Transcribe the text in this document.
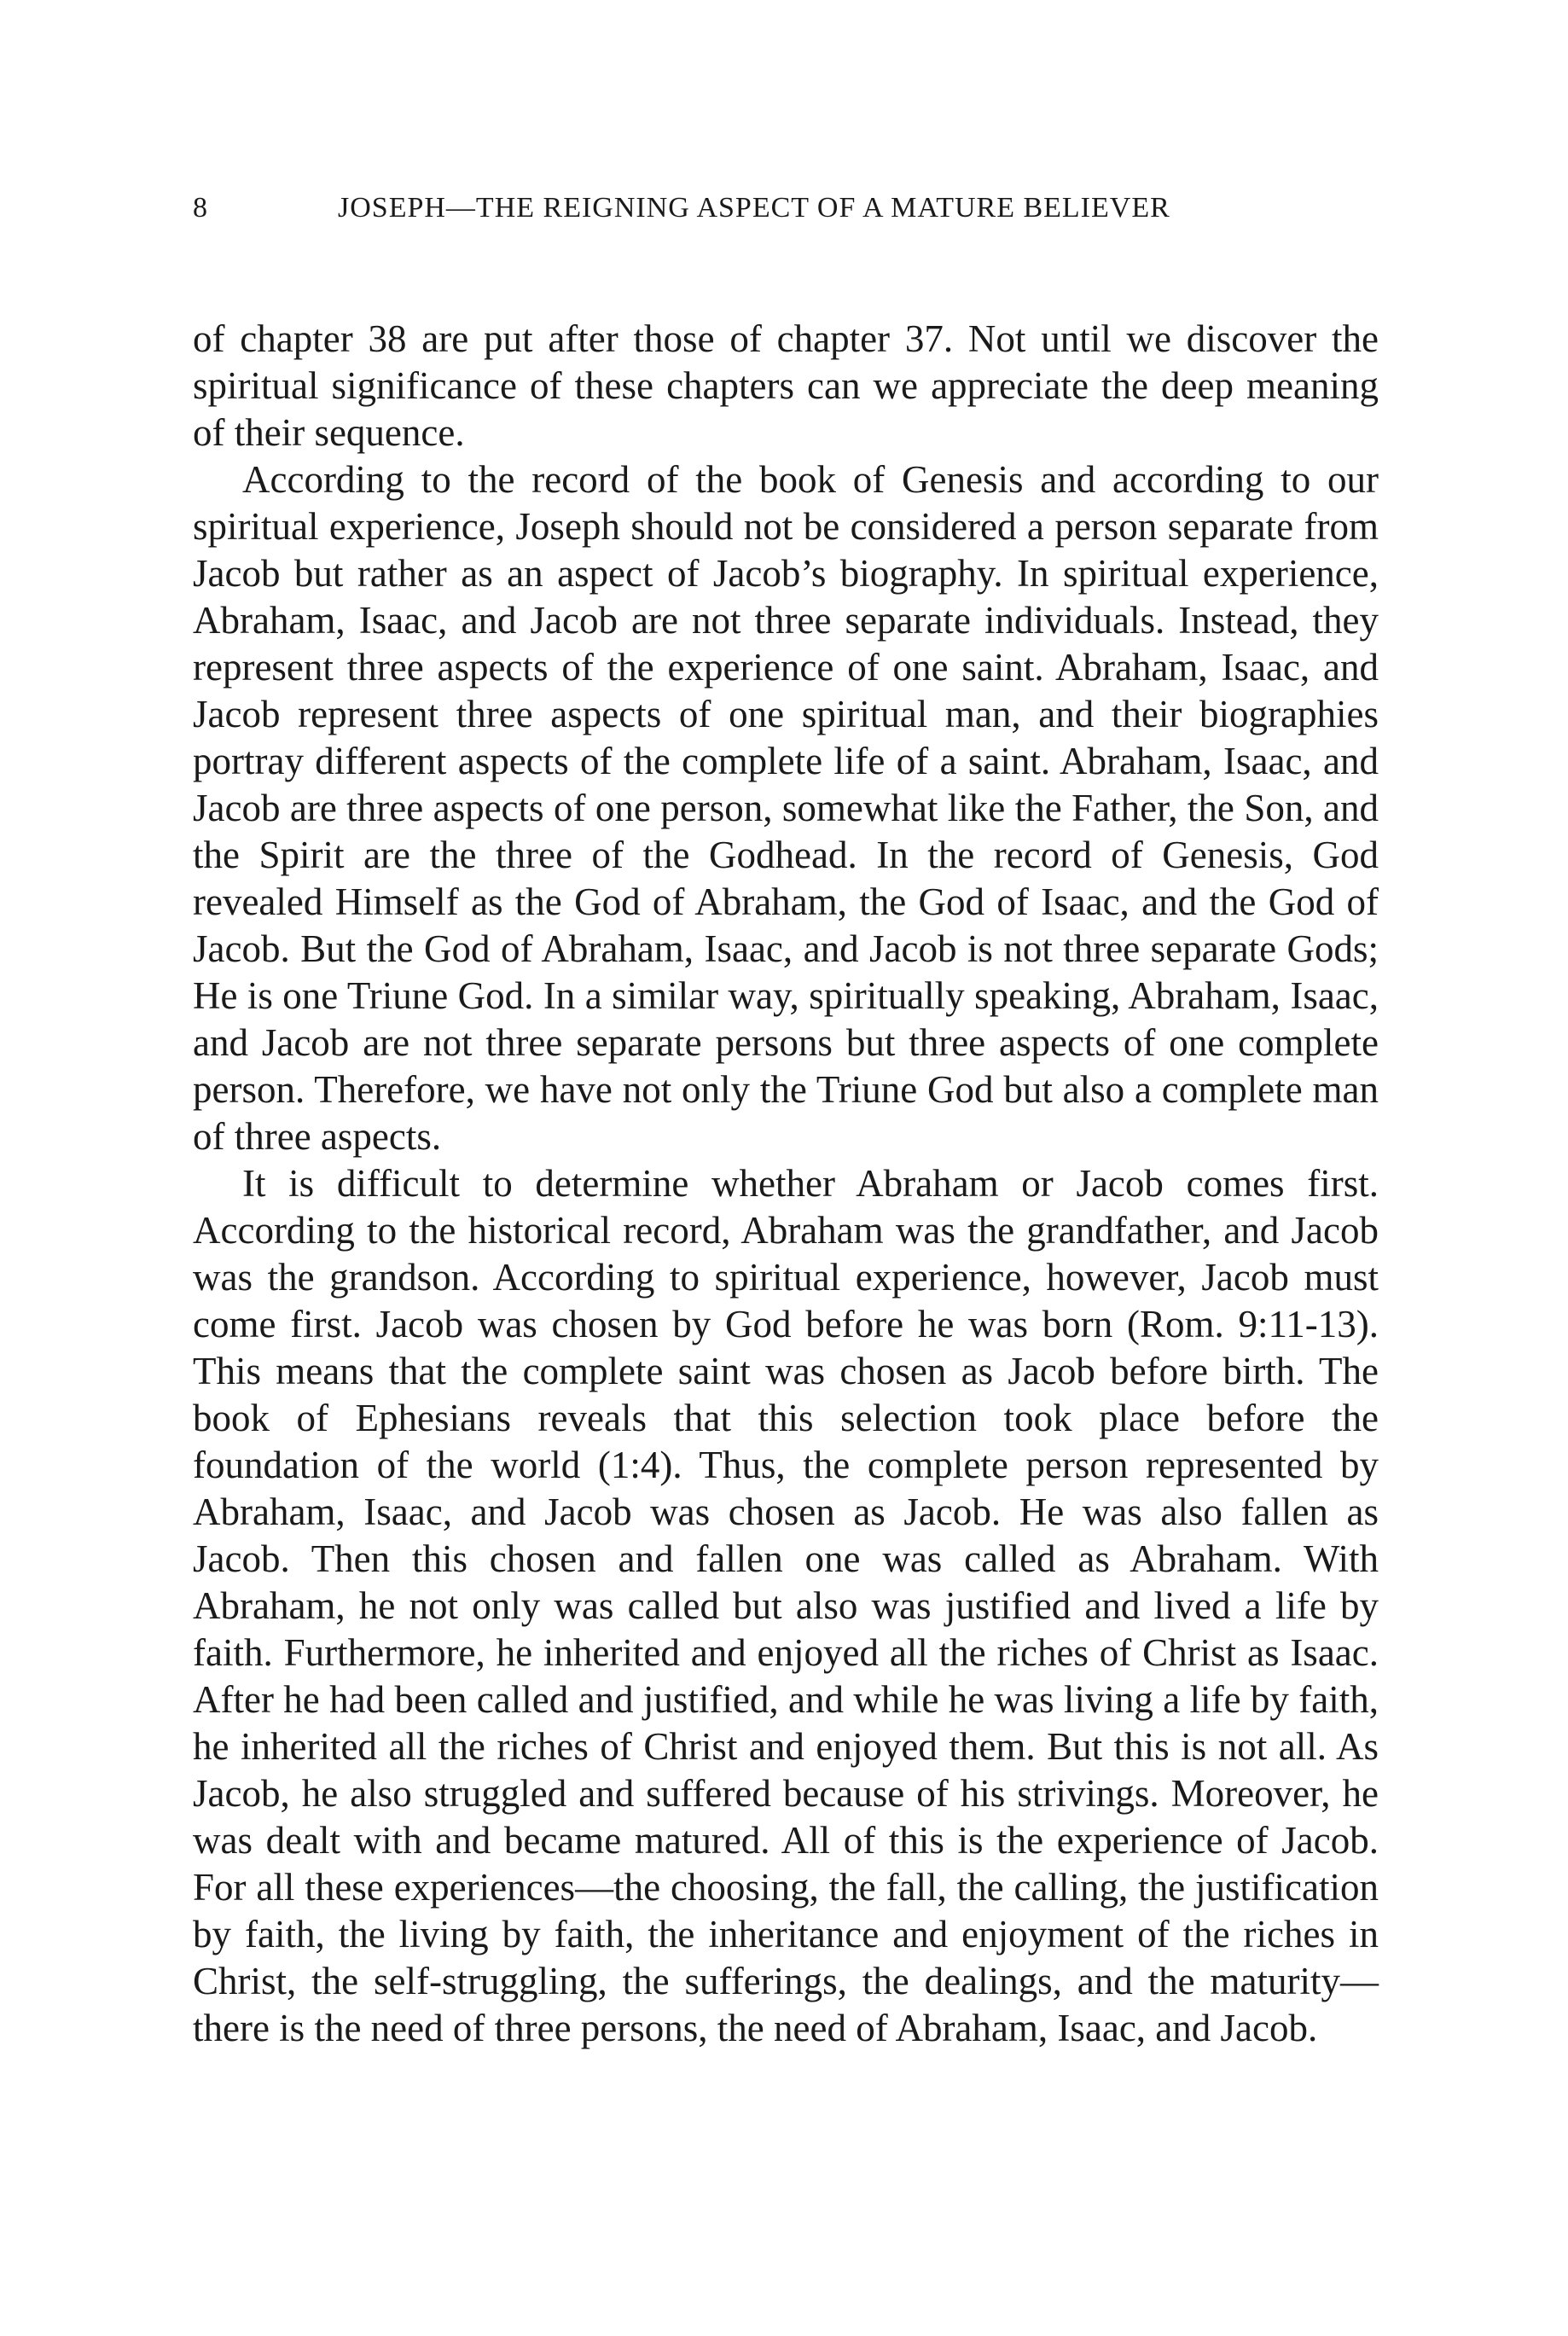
8	JOSEPH—THE REIGNING ASPECT OF A MATURE BELIEVER

of chapter 38 are put after those of chapter 37. Not until we discover the spiritual significance of these chapters can we appreciate the deep meaning of their sequence.

According to the record of the book of Genesis and according to our spiritual experience, Joseph should not be considered a person separate from Jacob but rather as an aspect of Jacob’s biography. In spiritual experience, Abraham, Isaac, and Jacob are not three separate individuals. Instead, they represent three aspects of the experience of one saint. Abraham, Isaac, and Jacob represent three aspects of one spiritual man, and their biographies portray different aspects of the complete life of a saint. Abraham, Isaac, and Jacob are three aspects of one person, somewhat like the Father, the Son, and the Spirit are the three of the Godhead. In the record of Genesis, God revealed Himself as the God of Abraham, the God of Isaac, and the God of Jacob. But the God of Abraham, Isaac, and Jacob is not three separate Gods; He is one Triune God. In a similar way, spiritually speaking, Abraham, Isaac, and Jacob are not three separate persons but three aspects of one complete person. Therefore, we have not only the Triune God but also a complete man of three aspects.

It is difficult to determine whether Abraham or Jacob comes first. According to the historical record, Abraham was the grandfather, and Jacob was the grandson. According to spiritual experience, however, Jacob must come first. Jacob was chosen by God before he was born (Rom. 9:11-13). This means that the complete saint was chosen as Jacob before birth. The book of Ephesians reveals that this selection took place before the foundation of the world (1:4). Thus, the complete person represented by Abraham, Isaac, and Jacob was chosen as Jacob. He was also fallen as Jacob. Then this chosen and fallen one was called as Abraham. With Abraham, he not only was called but also was justified and lived a life by faith. Furthermore, he inherited and enjoyed all the riches of Christ as Isaac. After he had been called and justified, and while he was living a life by faith, he inherited all the riches of Christ and enjoyed them. But this is not all. As Jacob, he also struggled and suffered because of his strivings. Moreover, he was dealt with and became matured. All of this is the experience of Jacob. For all these experiences—the choosing, the fall, the calling, the justification by faith, the living by faith, the inheritance and enjoyment of the riches in Christ, the self-struggling, the sufferings, the dealings, and the maturity—there is the need of three persons, the need of Abraham, Isaac, and Jacob.
